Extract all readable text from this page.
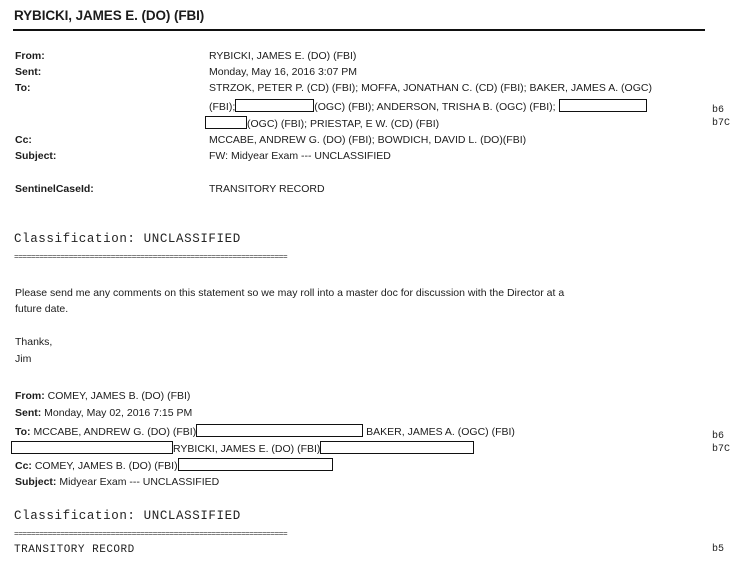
RYBICKI, JAMES E. (DO) (FBI)
From:	RYBICKI, JAMES E. (DO) (FBI)
Sent:	Monday, May 16, 2016 3:07 PM
To:	STRZOK, PETER P. (CD) (FBI); MOFFA, JONATHAN C. (CD) (FBI); BAKER, JAMES A. (OGC)
(FBI);	(OGC) (FBI); ANDERSON, TRISHA B. (OGC) (FBI);
(OGC) (FBI); PRIESTAP, E W. (CD) (FBI)
b6
b7C
Cc:	MCCABE, ANDREW G. (DO) (FBI); BOWDICH, DAVID L. (DO)(FBI)
Subject:	FW: Midyear Exam --- UNCLASSIFIED
SentinelCaseId:	TRANSITORY RECORD
Classification: UNCLASSIFIED
=================================================================
Please send me any comments on this statement so we may roll into a master doc for discussion with the Director at a
future date.
Thanks,
Jim
From: COMEY, JAMES B. (DO) (FBI)
Sent: Monday, May 02, 2016 7:15 PM
To: MCCABE, ANDREW G. (DO) (FBI)	BAKER, JAMES A. (OGC) (FBI)
RYBICKI, JAMES E. (DO) (FBI)
Cc: COMEY, JAMES B. (DO) (FBI)
Subject: Midyear Exam --- UNCLASSIFIED
b6
b7C
Classification: UNCLASSIFIED
=================================================================
TRANSITORY RECORD	b5
